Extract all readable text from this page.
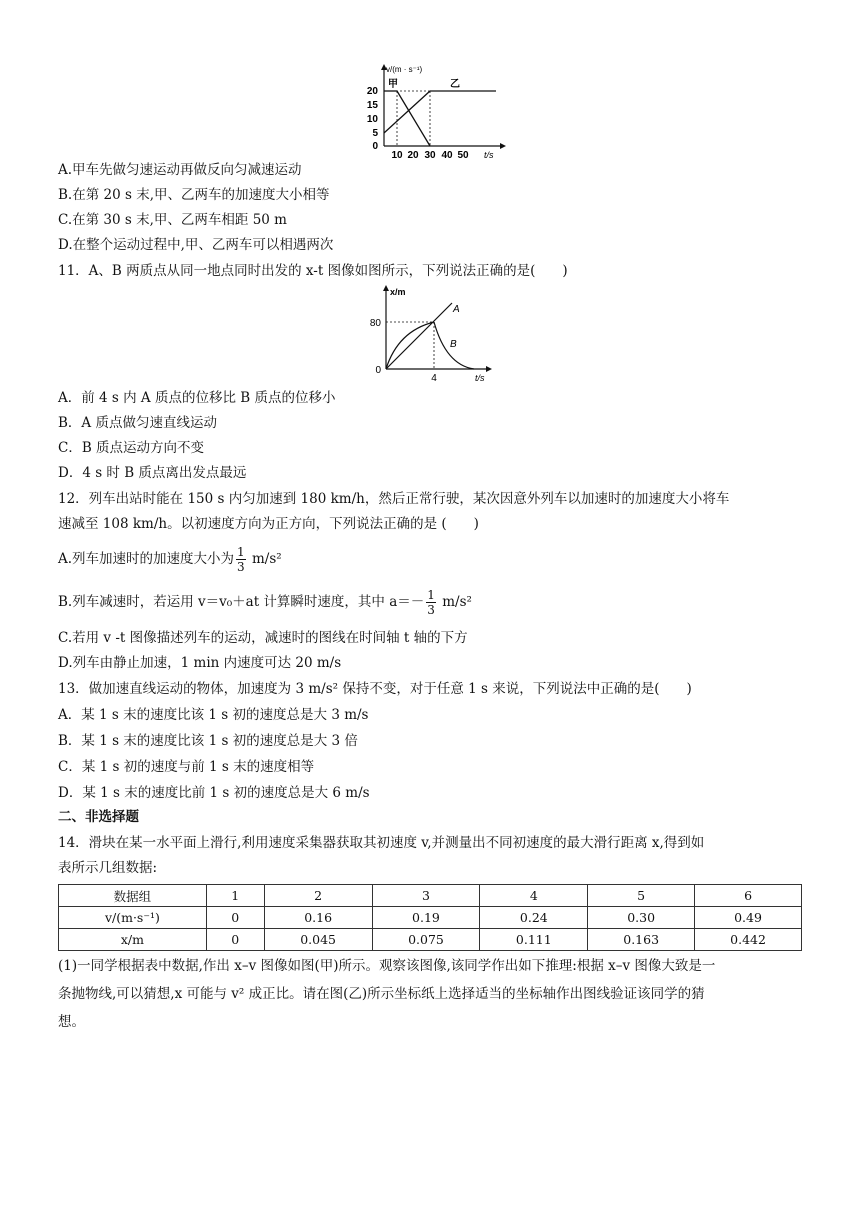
v/(m · s⁻¹)
甲	乙
t/s
20
15
10
5
0
10 20 30 40 50
A.甲车先做匀速运动再做反向匀减速运动
B.在第 20 s 末,甲、乙两车的加速度大小相等
C.在第 30 s 末,甲、乙两车相距 50 m
D.在整个运动过程中,甲、乙两车可以相遇两次
11．A、B 两质点从同一地点同时出发的 x-t 图像如图所示，下列说法正确的是(　　)
x/m
A
B
80
0
4	t/s
A．前 4 s 内 A 质点的位移比 B 质点的位移小
B．A 质点做匀速直线运动
C．B 质点运动方向不变
D．4 s 时 B 质点离出发点最远
12．列车出站时能在 150 s 内匀加速到 180 km/h，然后正常行驶，某次因意外列车以加速时的加速度大小将车
速减至 108 km/h。以初速度方向为正方向，下列说法正确的是 (　　)
A.列车加速时的加速度大小为 $\frac{1}{3} m/s^2$
B.列车减速时，若运用 v＝v₀＋at 计算瞬时速度，其中 $a=- \frac{1}{3} m/s^2$
C.若用 v -t 图像描述列车的运动，减速时的图线在时间轴 t 轴的下方
D.列车由静止加速，1 min 内速度可达 20 m/s
13．做加速直线运动的物体，加速度为 3 m/s² 保持不变，对于任意 1 s 来说，下列说法中正确的是(　　)
A．某 1 s 末的速度比该 1 s 初的速度总是大 3 m/s
B．某 1 s 末的速度比该 1 s 初的速度总是大 3 倍
C．某 1 s 初的速度与前 1 s 末的速度相等
D．某 1 s 末的速度比前 1 s 初的速度总是大 6 m/s
二、非选择题
14．滑块在某一水平面上滑行,利用速度采集器获取其初速度 v,并测量出不同初速度的最大滑行距离 x,得到如
表所示几组数据:
数据组	1	2	3	4	5	6
v/(m·s⁻¹)	0	0.16	0.19	0.24	0.30	0.49
x/m	0	0.045	0.075	0.111	0.163	0.442
(1)一同学根据表中数据,作出 x–v 图像如图(甲)所示。观察该图像,该同学作出如下推理:根据 x–v 图像大致是一
条抛物线,可以猜想,x 可能与 v² 成正比。请在图(乙)所示坐标纸上选择适当的坐标轴作出图线验证该同学的猜
想。
